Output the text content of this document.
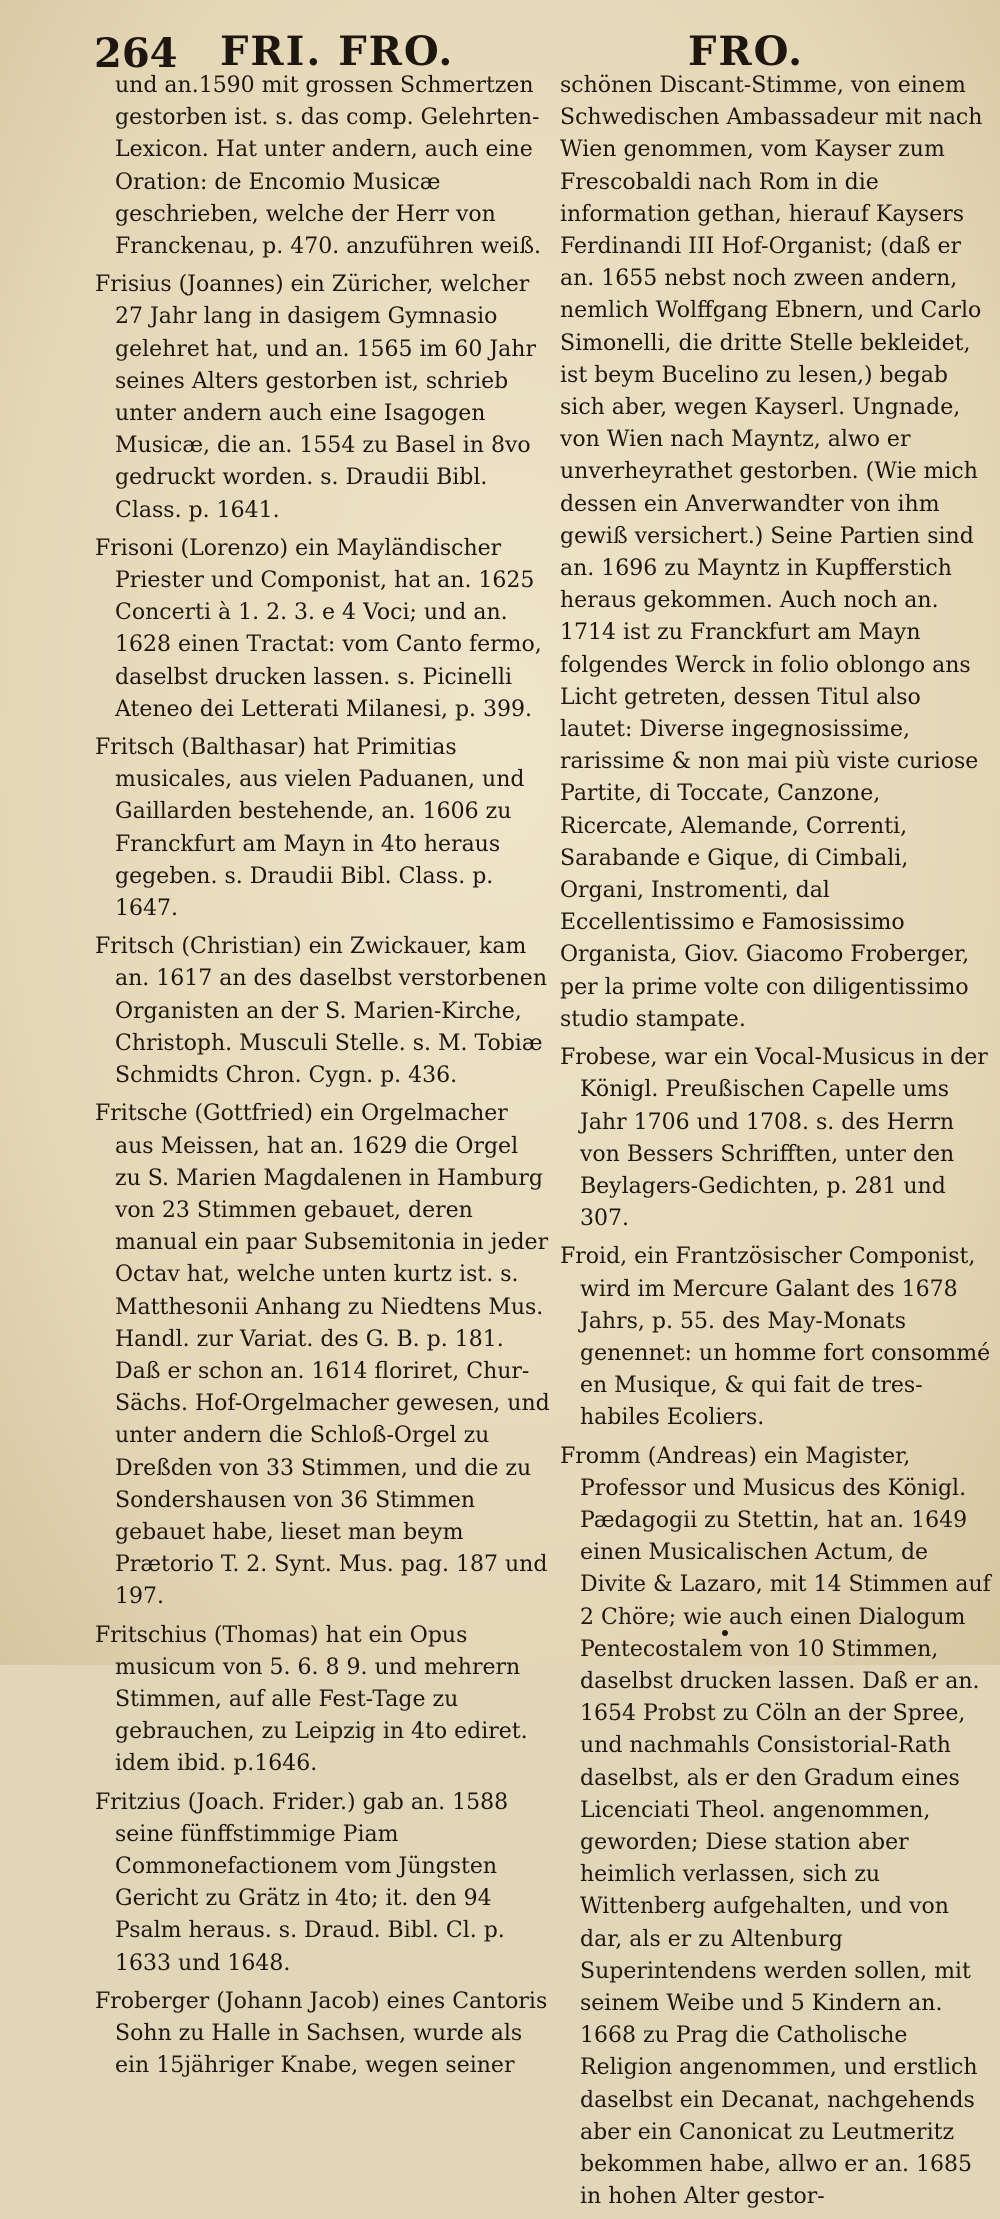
264 FRI. FRO.	FRO.

und an.1590 mit grossen Schmertzen gestorben ist. s. das comp. Gelehrten-Lexicon. Hat unter andern, auch eine Oration: de Encomio Musicæ geschrieben, welche der Herr von Franckenau, p. 470. anzuführen weiß.

Frisius (Joannes) ein Züricher, welcher 27 Jahr lang in dasigem Gymnasio gelehret hat, und an. 1565 im 60 Jahr seines Alters gestorben ist, schrieb unter andern auch eine Isagogen Musicæ, die an. 1554 zu Basel in 8vo gedruckt worden. s. Draudii Bibl. Class. p. 1641.

Frisoni (Lorenzo) ein Mayländischer Priester und Componist, hat an. 1625 Concerti à 1. 2. 3. e 4 Voci; und an. 1628 einen Tractat: vom Canto fermo, daselbst drucken lassen. s. Picinelli Ateneo dei Letterati Milanesi, p. 399.

Fritsch (Balthasar) hat Primitias musicales, aus vielen Paduanen, und Gaillarden bestehende, an. 1606 zu Franckfurt am Mayn in 4to heraus gegeben. s. Draudii Bibl. Class. p. 1647.

Fritsch (Christian) ein Zwickauer, kam an. 1617 an des daselbst verstorbenen Organisten an der S. Marien-Kirche, Christoph. Musculi Stelle. s. M. Tobiæ Schmidts Chron. Cygn. p. 436.

Fritsche (Gottfried) ein Orgelmacher aus Meissen, hat an. 1629 die Orgel zu S. Marien Magdalenen in Hamburg von 23 Stimmen gebauet, deren manual ein paar Subsemitonia in jeder Octav hat, welche unten kurtz ist. s. Matthesonii Anhang zu Niedtens Mus. Handl. zur Variat. des G. B. p. 181. Daß er schon an. 1614 floriret, Chur-Sächs. Hof-Orgelmacher gewesen, und unter andern die Schloß-Orgel zu Dreßden von 33 Stimmen, und die zu Sondershausen von 36 Stimmen gebauet habe, lieset man beym Prætorio T. 2. Synt. Mus. pag. 187 und 197.

Fritschius (Thomas) hat ein Opus musicum von 5. 6. 8 9. und mehrern Stimmen, auf alle Fest-Tage zu gebrauchen, zu Leipzig in 4to ediret. idem ibid. p.1646.

Fritzius (Joach. Frider.) gab an. 1588 seine fünffstimmige Piam Commonefactionem vom Jüngsten Gericht zu Grätz in 4to; it. den 94 Psalm heraus. s. Draud. Bibl. Cl. p. 1633 und 1648.

Froberger (Johann Jacob) eines Cantoris Sohn zu Halle in Sachsen, wurde als ein 15jähriger Knabe, wegen seiner

schönen Discant-Stimme, von einem Schwedischen Ambassadeur mit nach Wien genommen, vom Kayser zum Frescobaldi nach Rom in die information gethan, hierauf Kaysers Ferdinandi III Hof-Organist; (daß er an. 1655 nebst noch zween andern, nemlich Wolffgang Ebnern, und Carlo Simonelli, die dritte Stelle bekleidet, ist beym Bucelino zu lesen,) begab sich aber, wegen Kayserl. Ungnade, von Wien nach Mayntz, alwo er unverheyrathet gestorben. (Wie mich dessen ein Anverwandter von ihm gewiß versichert.) Seine Partien sind an. 1696 zu Mayntz in Kupfferstich heraus gekommen. Auch noch an. 1714 ist zu Franckfurt am Mayn folgendes Werck in folio oblongo ans Licht getreten, dessen Titul also lautet: Diverse ingegnosissime, rarissime & non mai più viste curiose Partite, di Toccate, Canzone, Ricercate, Alemande, Correnti, Sarabande e Gique, di Cimbali, Organi, Instromenti, dal Eccellentissimo e Famosissimo Organista, Giov. Giacomo Froberger, per la prime volte con diligentissimo studio stampate.

Frobese, war ein Vocal-Musicus in der Königl. Preußischen Capelle ums Jahr 1706 und 1708. s. des Herrn von Bessers Schrifften, unter den Beylagers-Gedichten, p. 281 und 307.

Froid, ein Frantzösischer Componist, wird im Mercure Galant des 1678 Jahrs, p. 55. des May-Monats genennet: un homme fort consommé en Musique, & qui fait de tres-habiles Ecoliers.

Fromm (Andreas) ein Magister, Professor und Musicus des Königl. Pædagogii zu Stettin, hat an. 1649 einen Musicalischen Actum, de Divite & Lazaro, mit 14 Stimmen auf 2 Chöre; wie auch einen Dialogum Pentecostalem von 10 Stimmen, daselbst drucken lassen. Daß er an. 1654 Probst zu Cöln an der Spree, und nachmahls Consistorial-Rath daselbst, als er den Gradum eines Licenciati Theol. angenommen, geworden; Diese station aber heimlich verlassen, sich zu Wittenberg aufgehalten, und von dar, als er zu Altenburg Superintendens werden sollen, mit seinem Weibe und 5 Kindern an. 1668 zu Prag die Catholische Religion angenommen, und erstlich daselbst ein Decanat, nachgehends aber ein Canonicat zu Leutmeritz bekommen habe, allwo er an. 1685 in hohen Alter gestor-
